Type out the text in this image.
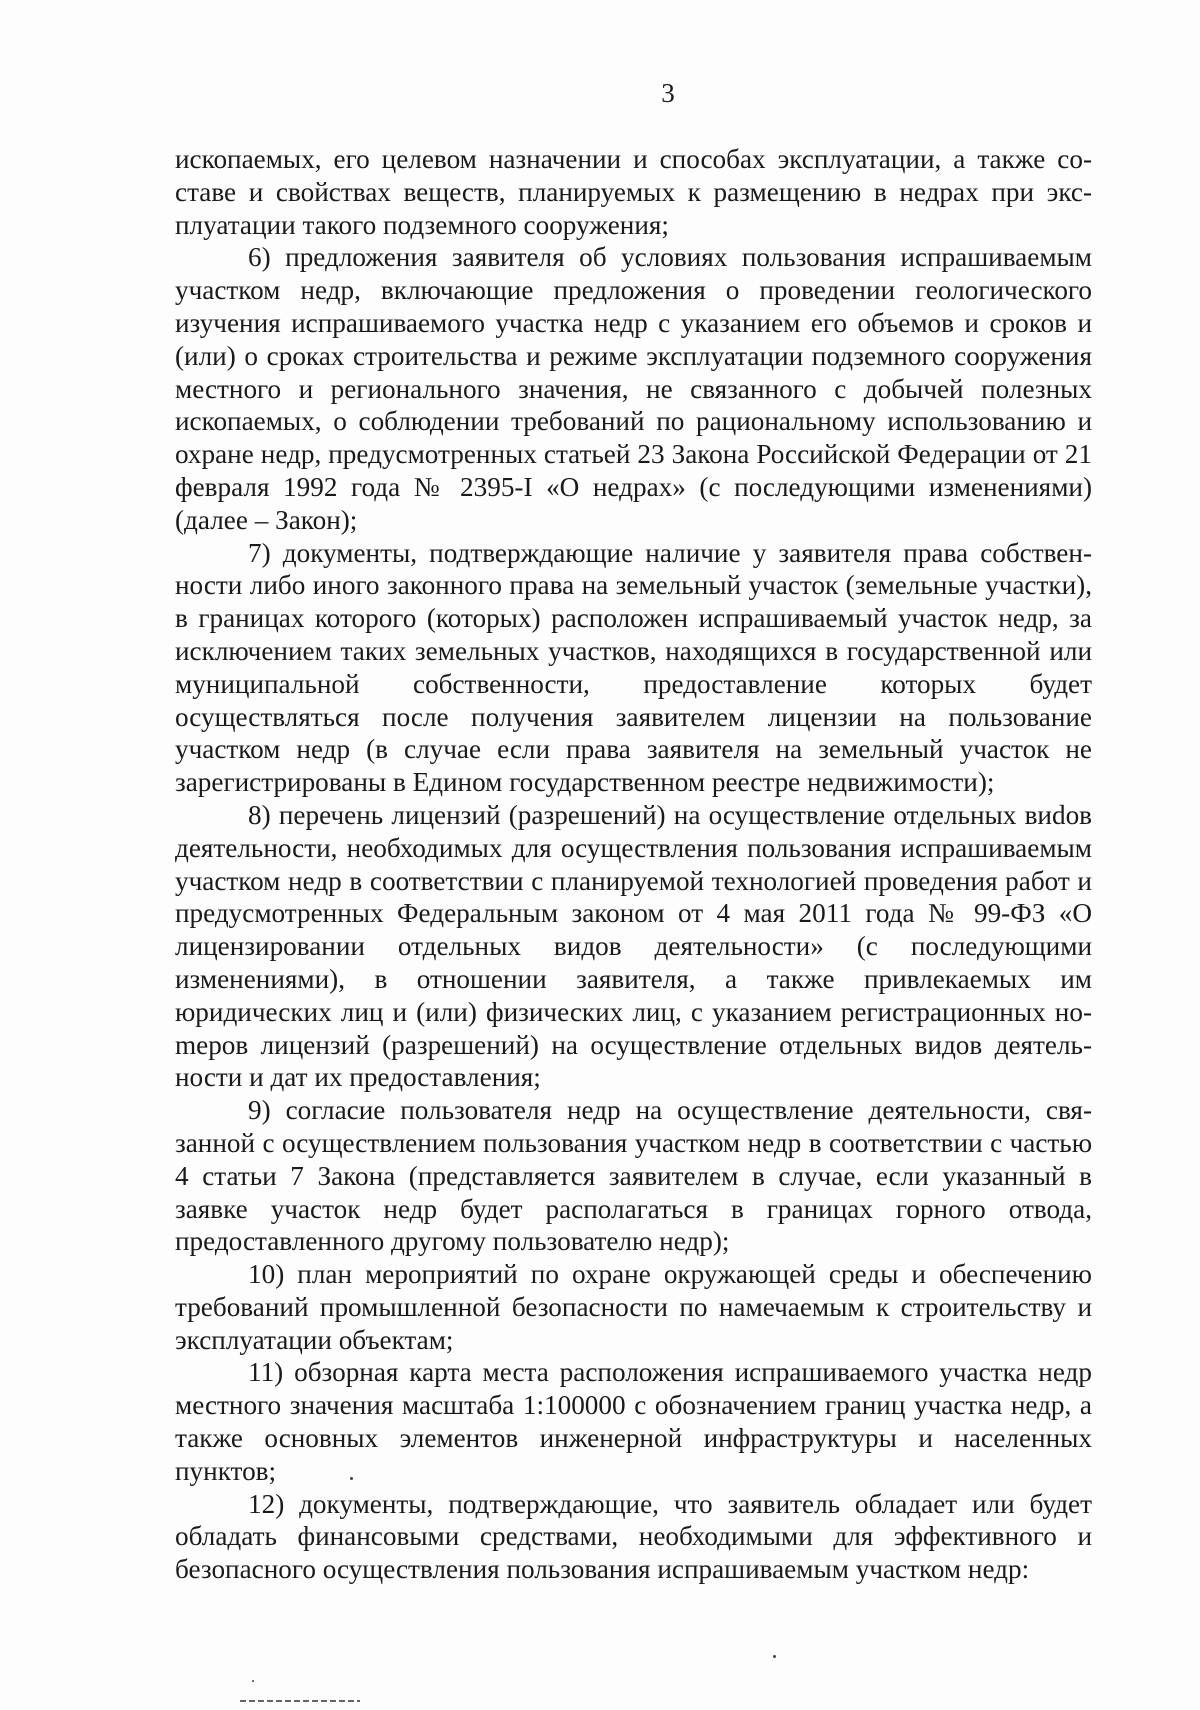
3

ископаемых, его целевом назначении и способах эксплуатации, а также составе и свойствах веществ, планируемых к размещению в недрах при эксплуатации такого подземного сооружения;

6) предложения заявителя об условиях пользования испрашиваемым участком недр, включающие предложения о проведении геологического изучения испрашиваемого участка недр с указанием его объемов и сроков и (или) о сроках строительства и режиме эксплуатации подземного сооружения местного и регионального значения, не связанного с добычей полезных ископаемых, о соблюдении требований по рациональному использованию и охране недр, предусмотренных статьей 23 Закона Российской Федерации от 21 февраля 1992 года № 2395-I «О недрах» (с последующими изменениями) (далее – Закон);

7) документы, подтверждающие наличие у заявителя права собственности либо иного законного права на земельный участок (земельные участки), в границах которого (которых) расположен испрашиваемый участок недр, за исключением таких земельных участков, находящихся в государственной или муниципальной собственности, предоставление которых будет осуществляться после получения заявителем лицензии на пользование участком недр (в случае если права заявителя на земельный участок не зарегистрированы в Едином государственном реестре недвижимости);

8) перечень лицензий (разрешений) на осуществление отдельных виdов деятельности, необходимых для осуществления пользования испрашиваемым участком недр в соответствии с планируемой технологией проведения работ и предусмотренных Федеральным законом от 4 мая 2011 года № 99-ФЗ «О лицензировании отдельных видов деятельности» (с последующими изменениями), в отношении заявителя, а также привлекаемых им юридических лиц и (или) физических лиц, с указанием регистрационных ноmеров лицензий (разрешений) на осуществление отдельных видов деятельности и дат их предоставления;

9) согласие пользователя недр на осуществление деятельности, связанной с осуществлением пользования участком недр в соответствии с частью 4 статьи 7 Закона (представляется заявителем в случае, если указанный в заявке участок недр будет располагаться в границах горного отвода, предоставленного другому пользователю недр);

10) план мероприятий по охране окружающей среды и обеспечению требований промышленной безопасности по намечаемым к строительству и эксплуатации объектам;

11) обзорная карта места расположения испрашиваемого участка недр местного значения масштаба 1:100000 с обозначением границ участка недр, а также основных элементов инженерной инфраструктуры и населенных пунктов;

12) документы, подтверждающие, что заявитель обладает или будет обладать финансовыми средствами, необходимыми для эффективного и безопасного осуществления пользования испрашиваемым участком недр:
